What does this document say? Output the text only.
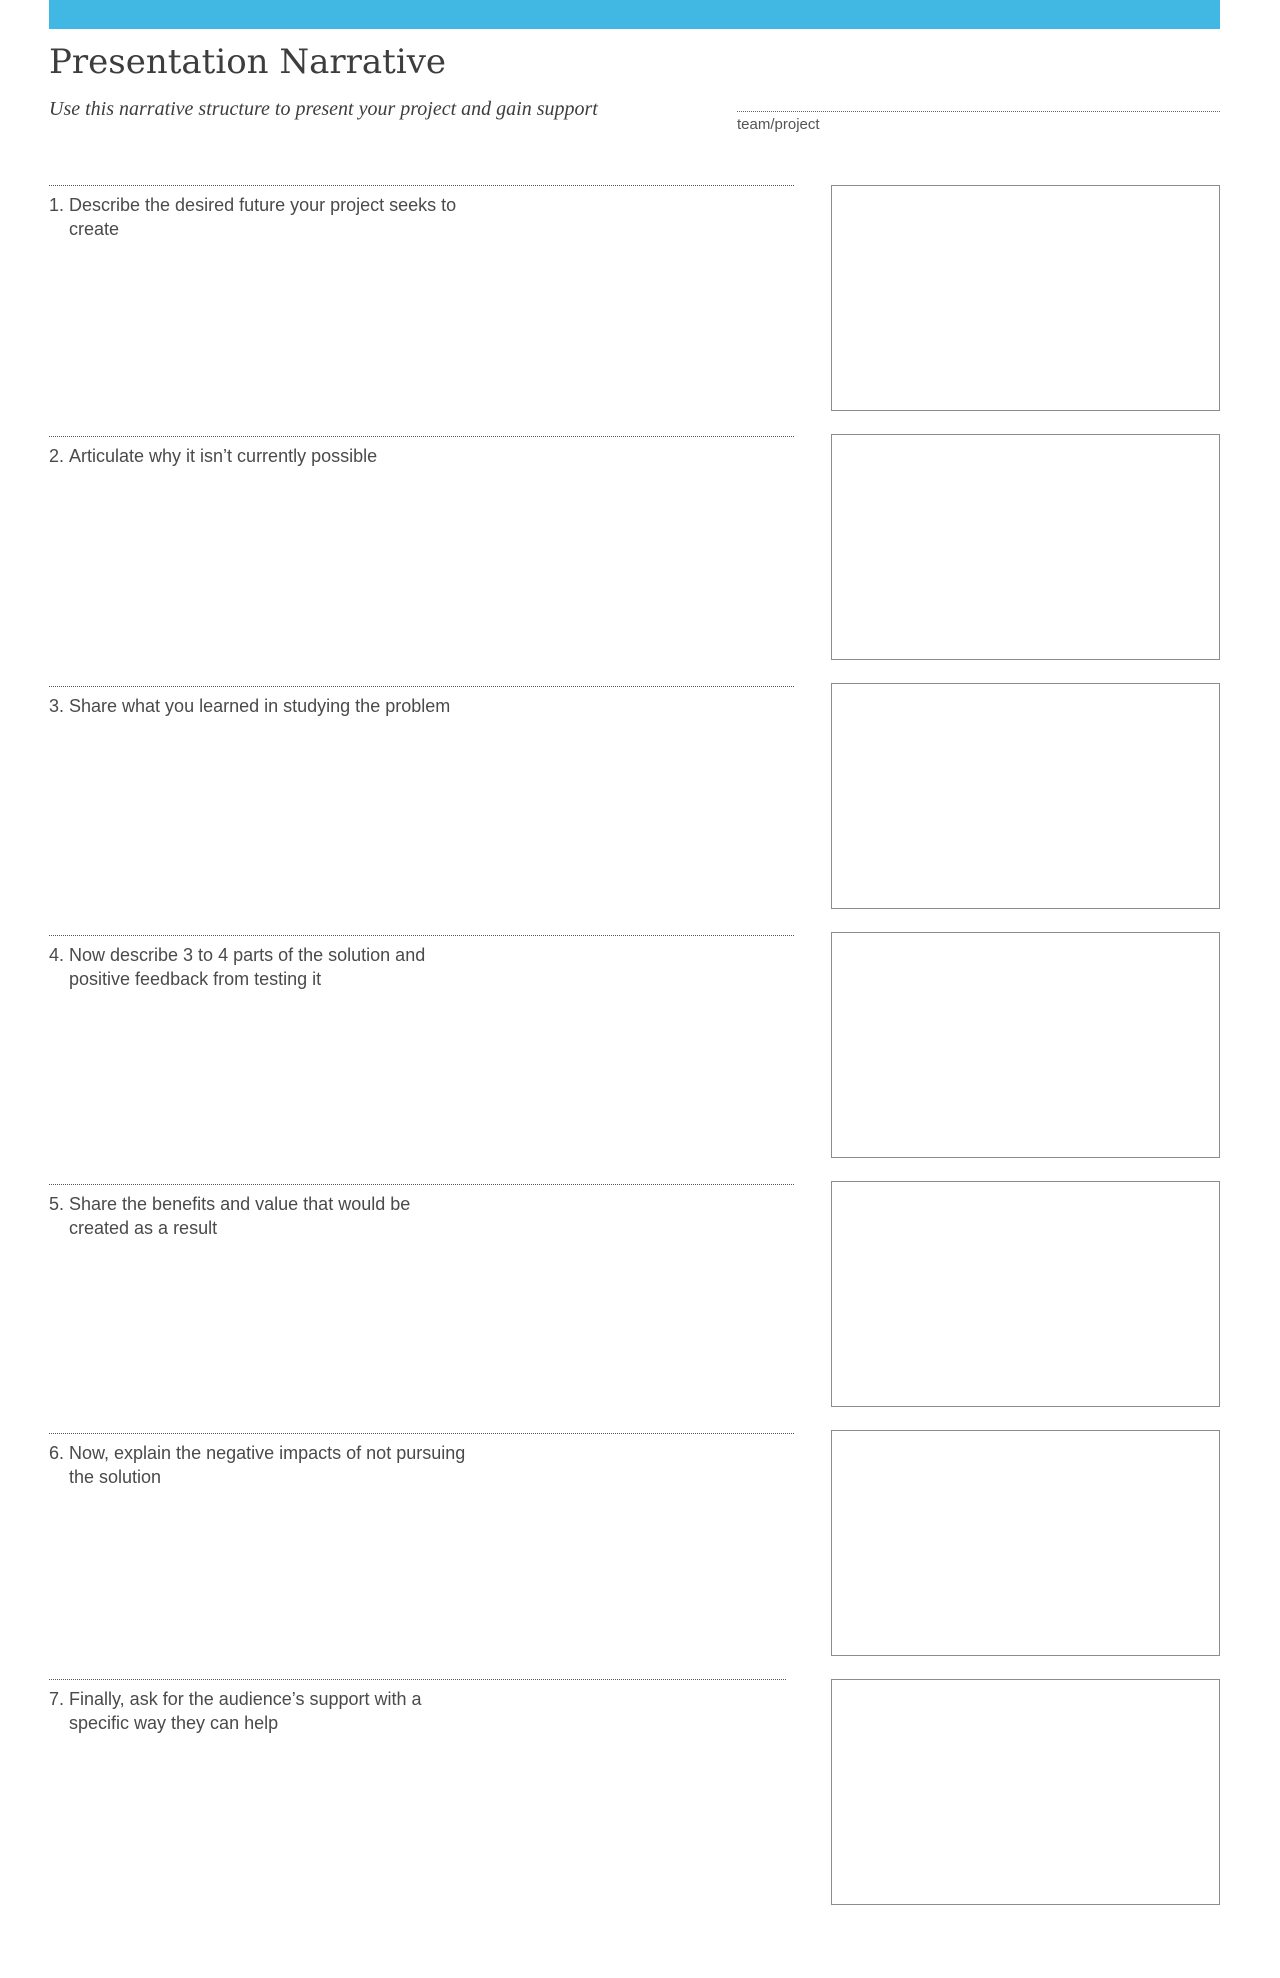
Presentation Narrative

Use this narrative structure to present your project and gain support

team/project
1. Describe the desired future your project seeks to create
2. Articulate why it isn’t currently possible
3. Share what you learned in studying the problem
4. Now describe 3 to 4 parts of the solution and positive feedback from testing it
5. Share the benefits and value that would be created as a result
6. Now, explain the negative impacts of not pursuing the solution
7. Finally, ask for the audience’s support with a specific way they can help
